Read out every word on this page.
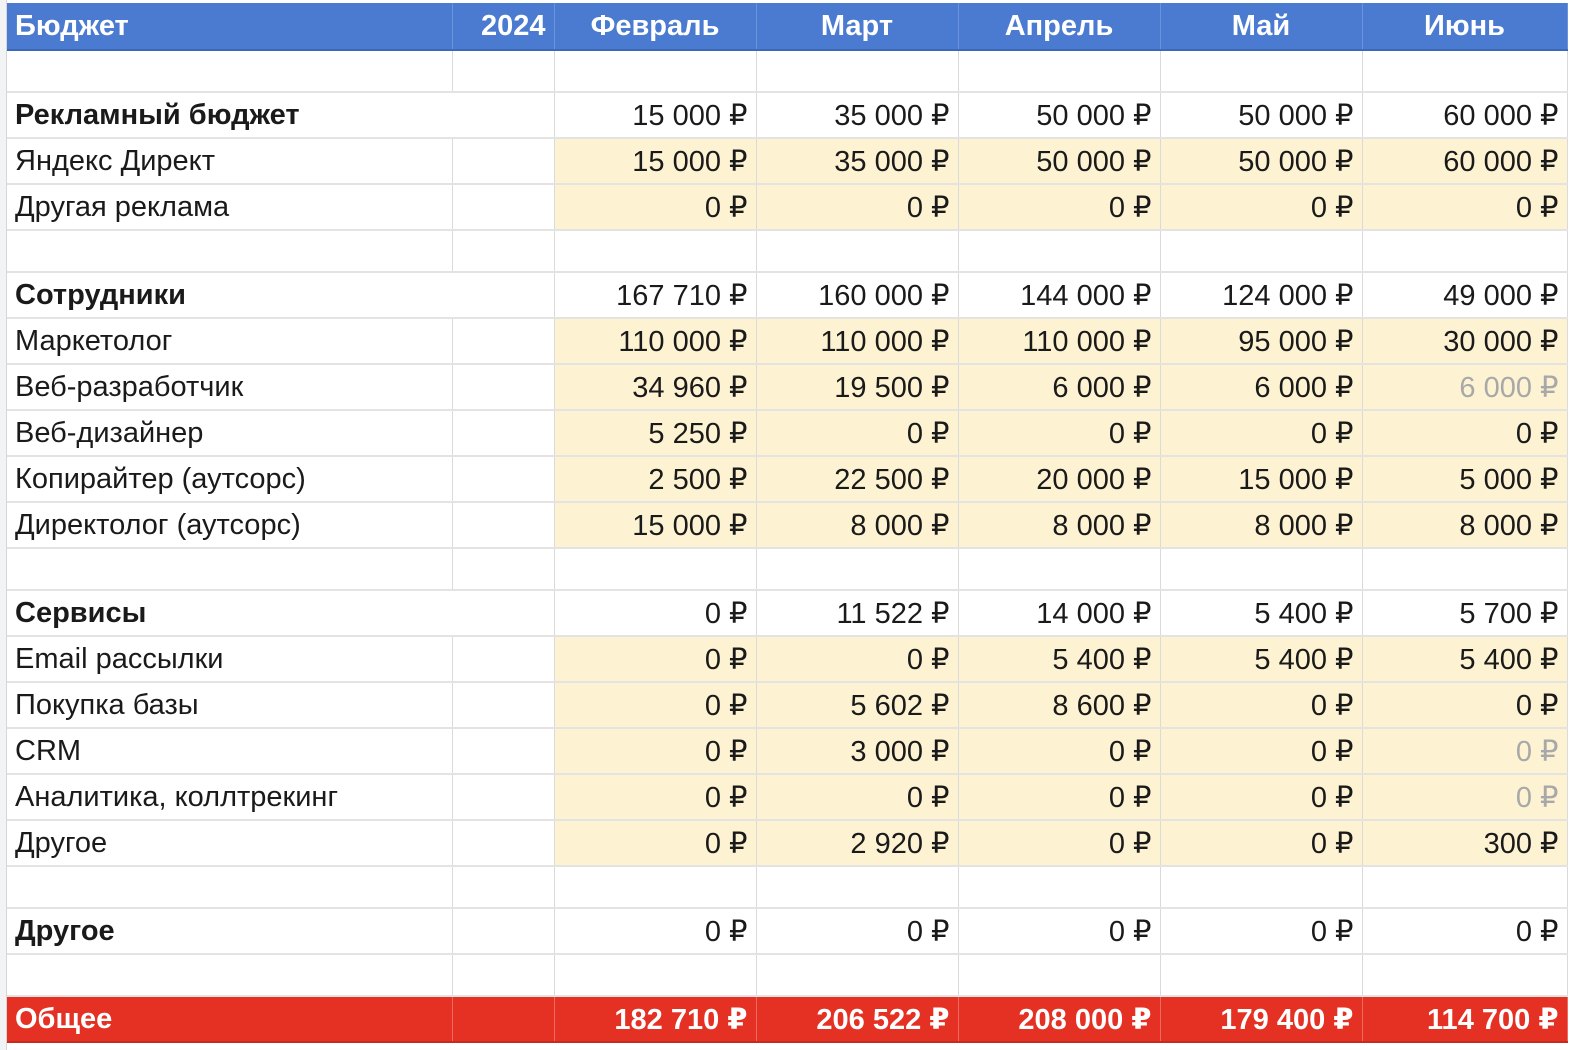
Бюджет	2024	Февраль	Март	Апрель	Май	Июнь

Рекламный бюджет		15 000 ₽	35 000 ₽	50 000 ₽	50 000 ₽	60 000 ₽
Яндекс Директ		15 000 ₽	35 000 ₽	50 000 ₽	50 000 ₽	60 000 ₽
Другая реклама		0 ₽	0 ₽	0 ₽	0 ₽	0 ₽

Сотрудники		167 710 ₽	160 000 ₽	144 000 ₽	124 000 ₽	49 000 ₽
Маркетолог		110 000 ₽	110 000 ₽	110 000 ₽	95 000 ₽	30 000 ₽
Веб-разработчик		34 960 ₽	19 500 ₽	6 000 ₽	6 000 ₽	6 000 ₽
Веб-дизайнер		5 250 ₽	0 ₽	0 ₽	0 ₽	0 ₽
Копирайтер (аутсорс)		2 500 ₽	22 500 ₽	20 000 ₽	15 000 ₽	5 000 ₽
Директолог (аутсорс)		15 000 ₽	8 000 ₽	8 000 ₽	8 000 ₽	8 000 ₽

Сервисы		0 ₽	11 522 ₽	14 000 ₽	5 400 ₽	5 700 ₽
Email рассылки		0 ₽	0 ₽	5 400 ₽	5 400 ₽	5 400 ₽
Покупка базы		0 ₽	5 602 ₽	8 600 ₽	0 ₽	0 ₽
CRM		0 ₽	3 000 ₽	0 ₽	0 ₽	0 ₽
Аналитика, коллтрекинг		0 ₽	0 ₽	0 ₽	0 ₽	0 ₽
Другое		0 ₽	2 920 ₽	0 ₽	0 ₽	300 ₽

Другое		0 ₽	0 ₽	0 ₽	0 ₽	0 ₽

Общее		182 710 ₽	206 522 ₽	208 000 ₽	179 400 ₽	114 700 ₽
